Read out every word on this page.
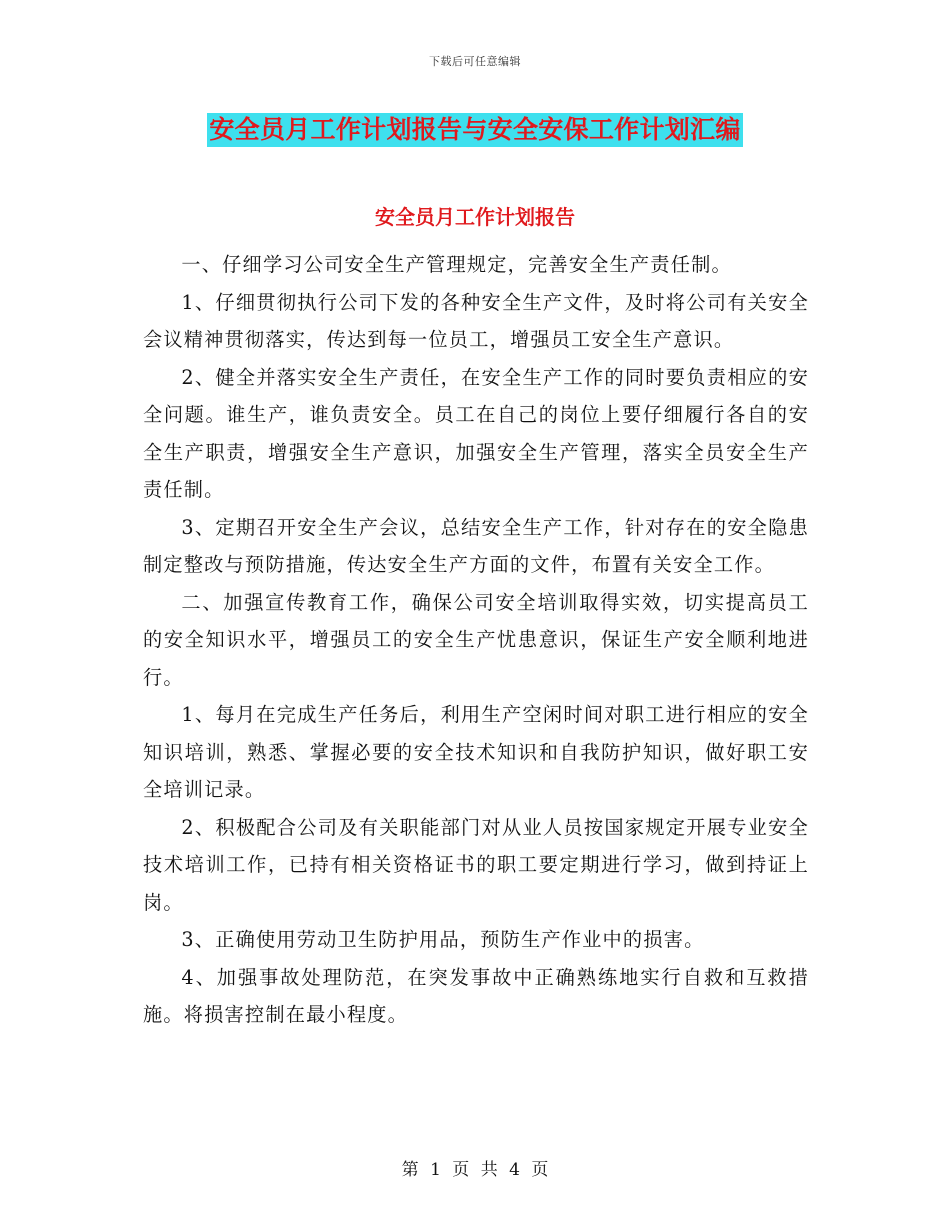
下载后可任意编辑
安全员月工作计划报告与安全安保工作计划汇编
安全员月工作计划报告

一、仔细学习公司安全生产管理规定，完善安全生产责任制。

1、仔细贯彻执行公司下发的各种安全生产文件，及时将公司有关安全会议精神贯彻落实，传达到每一位员工，增强员工安全生产意识。

2、健全并落实安全生产责任，在安全生产工作的同时要负责相应的安全问题。谁生产，谁负责安全。员工在自己的岗位上要仔细履行各自的安全生产职责，增强安全生产意识，加强安全生产管理，落实全员安全生产责任制。

3、定期召开安全生产会议，总结安全生产工作，针对存在的安全隐患制定整改与预防措施，传达安全生产方面的文件，布置有关安全工作。

二、加强宣传教育工作，确保公司安全培训取得实效，切实提高员工的安全知识水平，增强员工的安全生产忧患意识，保证生产安全顺利地进行。

1、每月在完成生产任务后，利用生产空闲时间对职工进行相应的安全知识培训，熟悉、掌握必要的安全技术知识和自我防护知识，做好职工安全培训记录。

2、积极配合公司及有关职能部门对从业人员按国家规定开展专业安全技术培训工作，已持有相关资格证书的职工要定期进行学习，做到持证上岗。

3、正确使用劳动卫生防护用品，预防生产作业中的损害。

4、加强事故处理防范，在突发事故中正确熟练地实行自救和互救措施。将损害控制在最小程度。

第 1 页 共 4 页
